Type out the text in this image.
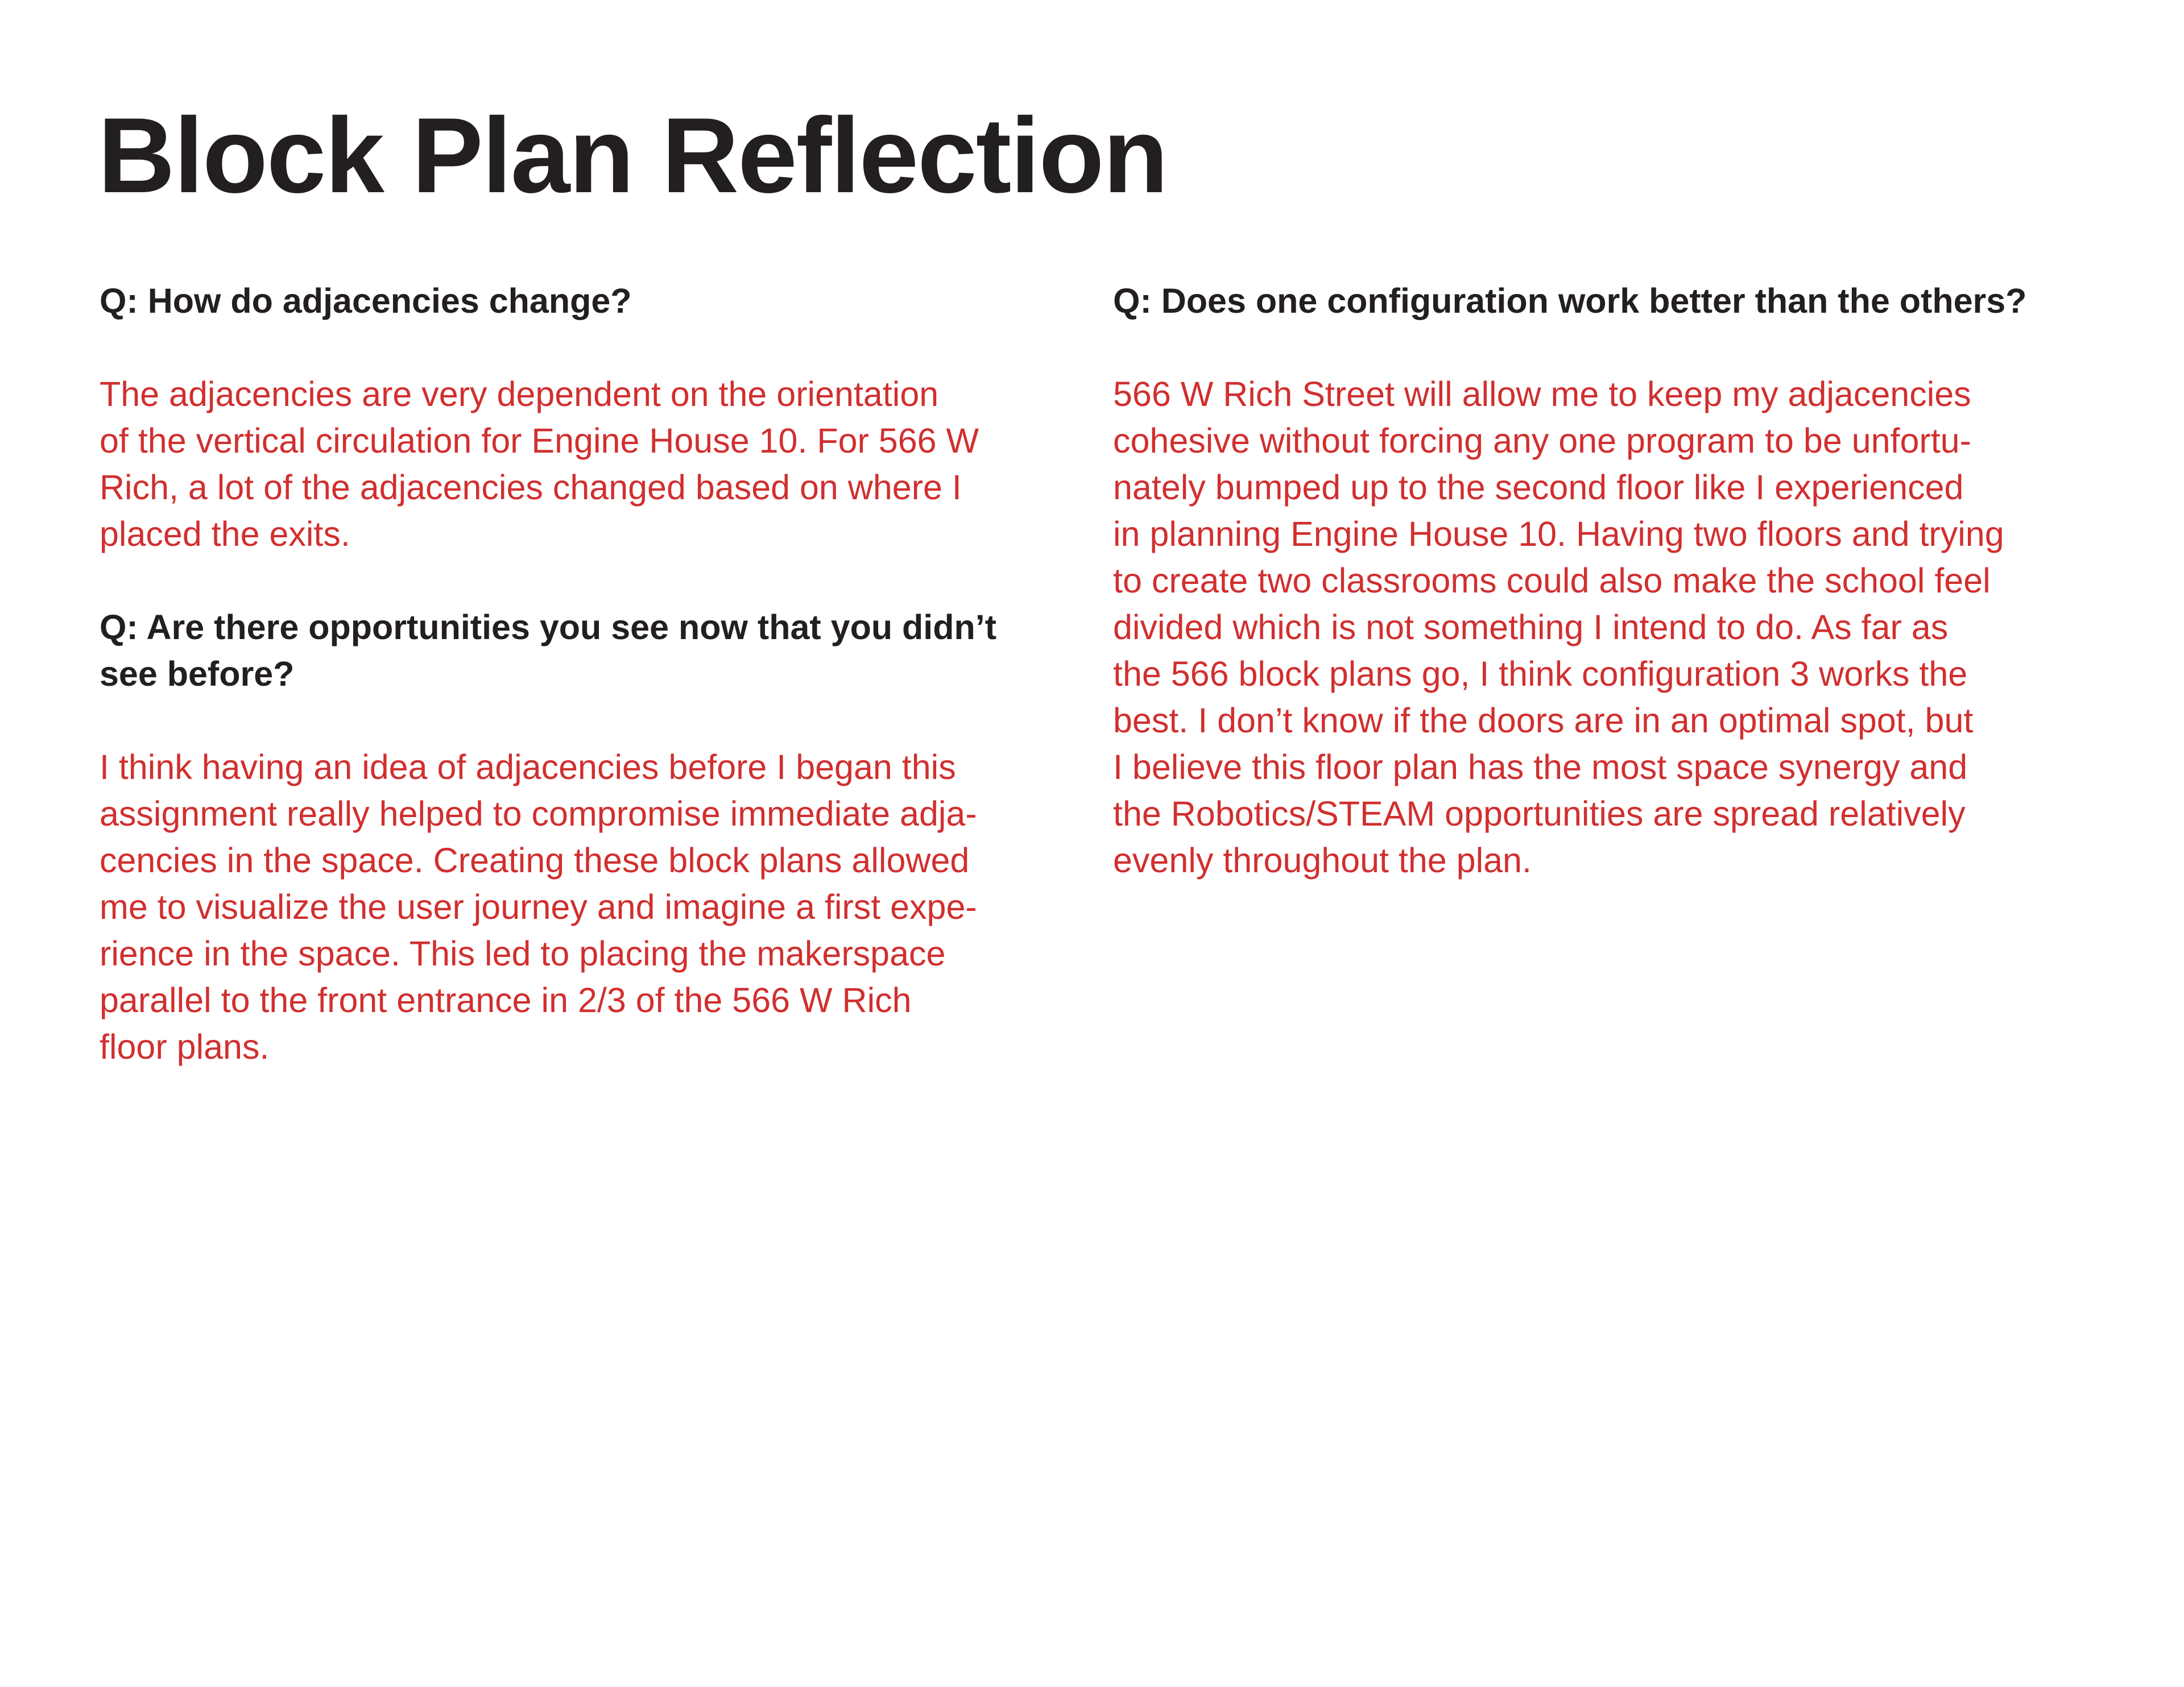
Block Plan Reflection

Q: How do adjacencies change?

The adjacencies are very dependent on the orientation
of the vertical circulation for Engine House 10. For 566 W
Rich, a lot of the adjacencies changed based on where I
placed the exits.

Q: Are there opportunities you see now that you didn’t
see before?

I think having an idea of adjacencies before I began this
assignment really helped to compromise immediate adja-
cencies in the space. Creating these block plans allowed
me to visualize the user journey and imagine a first expe-
rience in the space. This led to placing the makerspace
parallel to the front entrance in 2/3 of the 566 W Rich
floor plans.

Q: Does one configuration work better than the others?

566 W Rich Street will allow me to keep my adjacencies
cohesive without forcing any one program to be unfortu-
nately bumped up to the second floor like I experienced
in planning Engine House 10. Having two floors and trying
to create two classrooms could also make the school feel
divided which is not something I intend to do. As far as
the 566 block plans go, I think configuration 3 works the
best. I don’t know if the doors are in an optimal spot, but
I believe this floor plan has the most space synergy and
the Robotics/STEAM opportunities are spread relatively
evenly throughout the plan.
